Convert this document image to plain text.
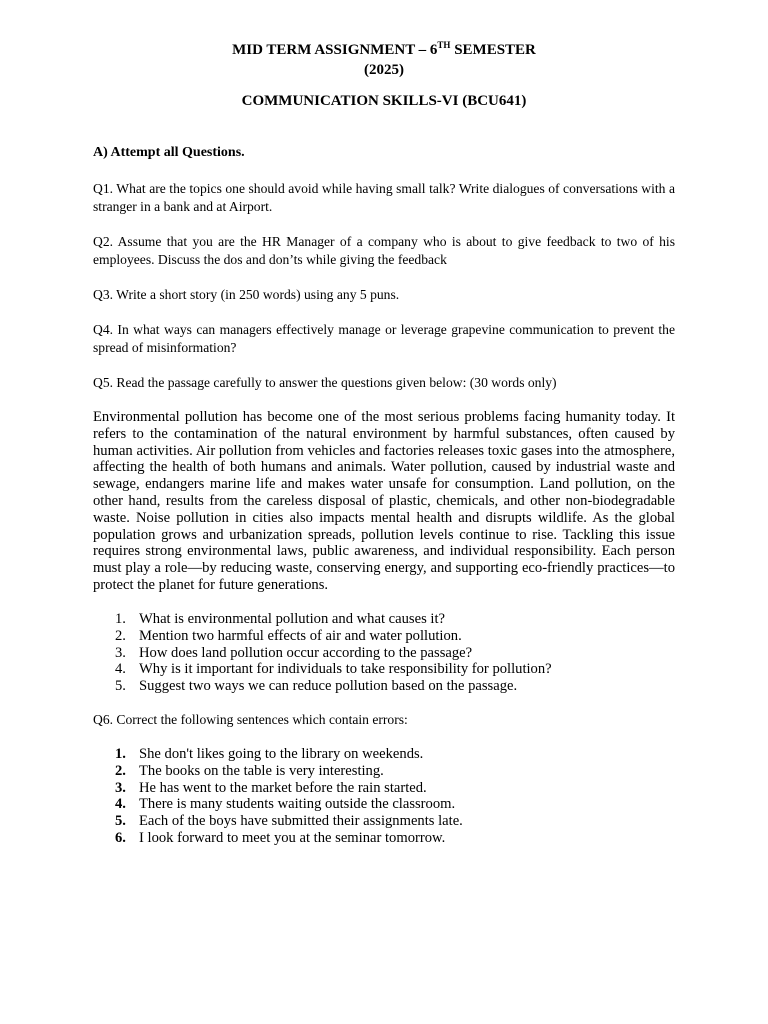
MID TERM ASSIGNMENT – 6TH SEMESTER
(2025)
COMMUNICATION SKILLS-VI (BCU641)
A) Attempt all Questions.
Q1. What are the topics one should avoid while having small talk? Write dialogues of conversations with a stranger in a bank and at Airport.
Q2. Assume that you are the HR Manager of a company who is about to give feedback to two of his employees. Discuss the dos and don’ts while giving the feedback
Q3. Write a short story (in 250 words) using any 5 puns.
Q4. In what ways can managers effectively manage or leverage grapevine communication to prevent the spread of misinformation?
Q5. Read the passage carefully to answer the questions given below: (30 words only)
Environmental pollution has become one of the most serious problems facing humanity today. It refers to the contamination of the natural environment by harmful substances, often caused by human activities. Air pollution from vehicles and factories releases toxic gases into the atmosphere, affecting the health of both humans and animals. Water pollution, caused by industrial waste and sewage, endangers marine life and makes water unsafe for consumption. Land pollution, on the other hand, results from the careless disposal of plastic, chemicals, and other non-biodegradable waste. Noise pollution in cities also impacts mental health and disrupts wildlife. As the global population grows and urbanization spreads, pollution levels continue to rise. Tackling this issue requires strong environmental laws, public awareness, and individual responsibility. Each person must play a role—by reducing waste, conserving energy, and supporting eco-friendly practices—to protect the planet for future generations.
1. What is environmental pollution and what causes it?
2. Mention two harmful effects of air and water pollution.
3. How does land pollution occur according to the passage?
4. Why is it important for individuals to take responsibility for pollution?
5. Suggest two ways we can reduce pollution based on the passage.
Q6. Correct the following sentences which contain errors:
1. She don't likes going to the library on weekends.
2. The books on the table is very interesting.
3. He has went to the market before the rain started.
4. There is many students waiting outside the classroom.
5. Each of the boys have submitted their assignments late.
6. I look forward to meet you at the seminar tomorrow.
